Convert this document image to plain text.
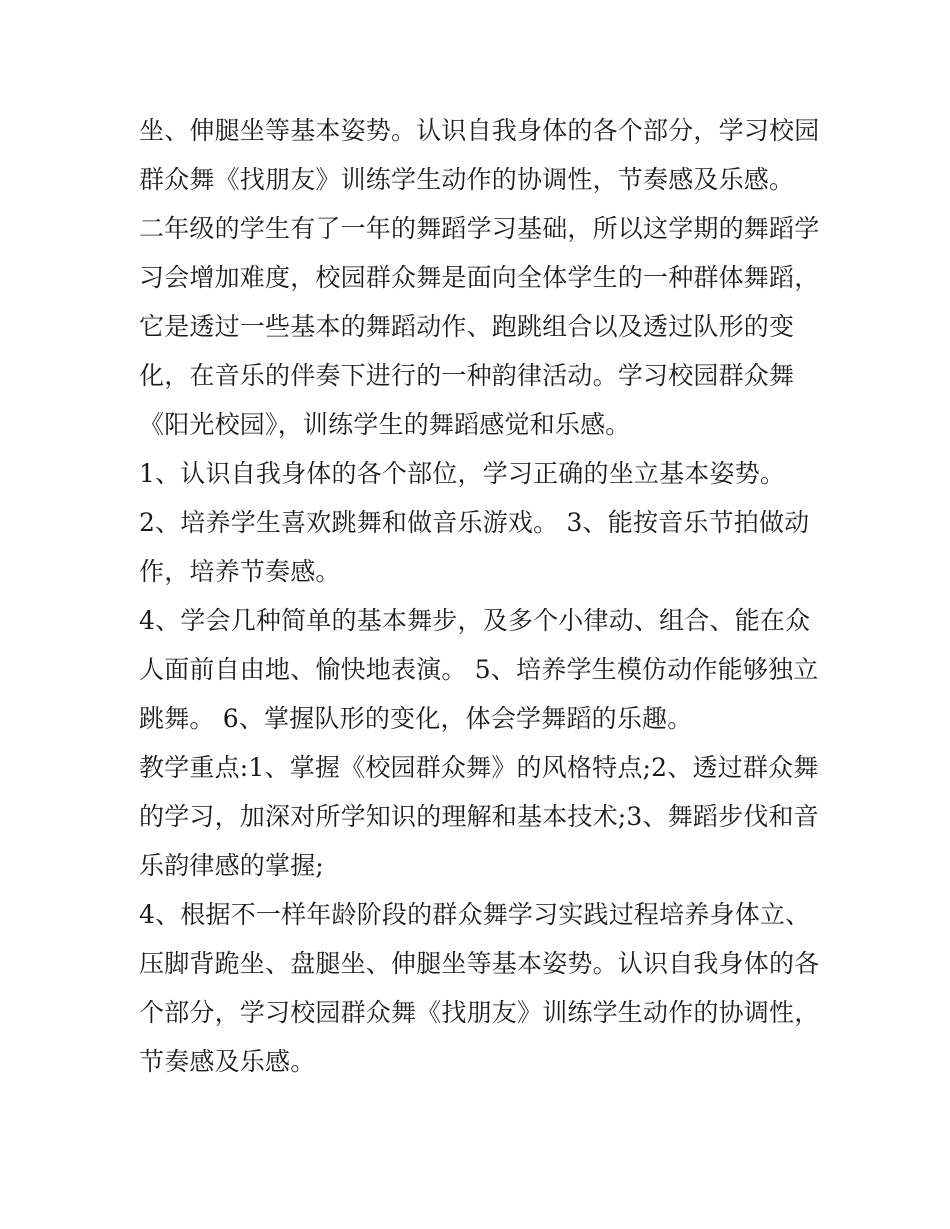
坐、伸腿坐等基本姿势。认识自我身体的各个部分，学习校园
群众舞《找朋友》训练学生动作的协调性，节奏感及乐感。
二年级的学生有了一年的舞蹈学习基础，所以这学期的舞蹈学
习会增加难度，校园群众舞是面向全体学生的一种群体舞蹈，
它是透过一些基本的舞蹈动作、跑跳组合以及透过队形的变
化，在音乐的伴奏下进行的一种韵律活动。学习校园群众舞
《阳光校园》，训练学生的舞蹈感觉和乐感。
1、认识自我身体的各个部位，学习正确的坐立基本姿势。
2、培养学生喜欢跳舞和做音乐游戏。 3、能按音乐节拍做动
作，培养节奏感。
4、学会几种简单的基本舞步，及多个小律动、组合、能在众
人面前自由地、愉快地表演。 5、培养学生模仿动作能够独立
跳舞。 6、掌握队形的变化，体会学舞蹈的乐趣。
教学重点:1、掌握《校园群众舞》的风格特点;2、透过群众舞
的学习，加深对所学知识的理解和基本技术;3、舞蹈步伐和音
乐韵律感的掌握;
4、根据不一样年龄阶段的群众舞学习实践过程培养身体立、
压脚背跪坐、盘腿坐、伸腿坐等基本姿势。认识自我身体的各
个部分，学习校园群众舞《找朋友》训练学生动作的协调性，
节奏感及乐感。
